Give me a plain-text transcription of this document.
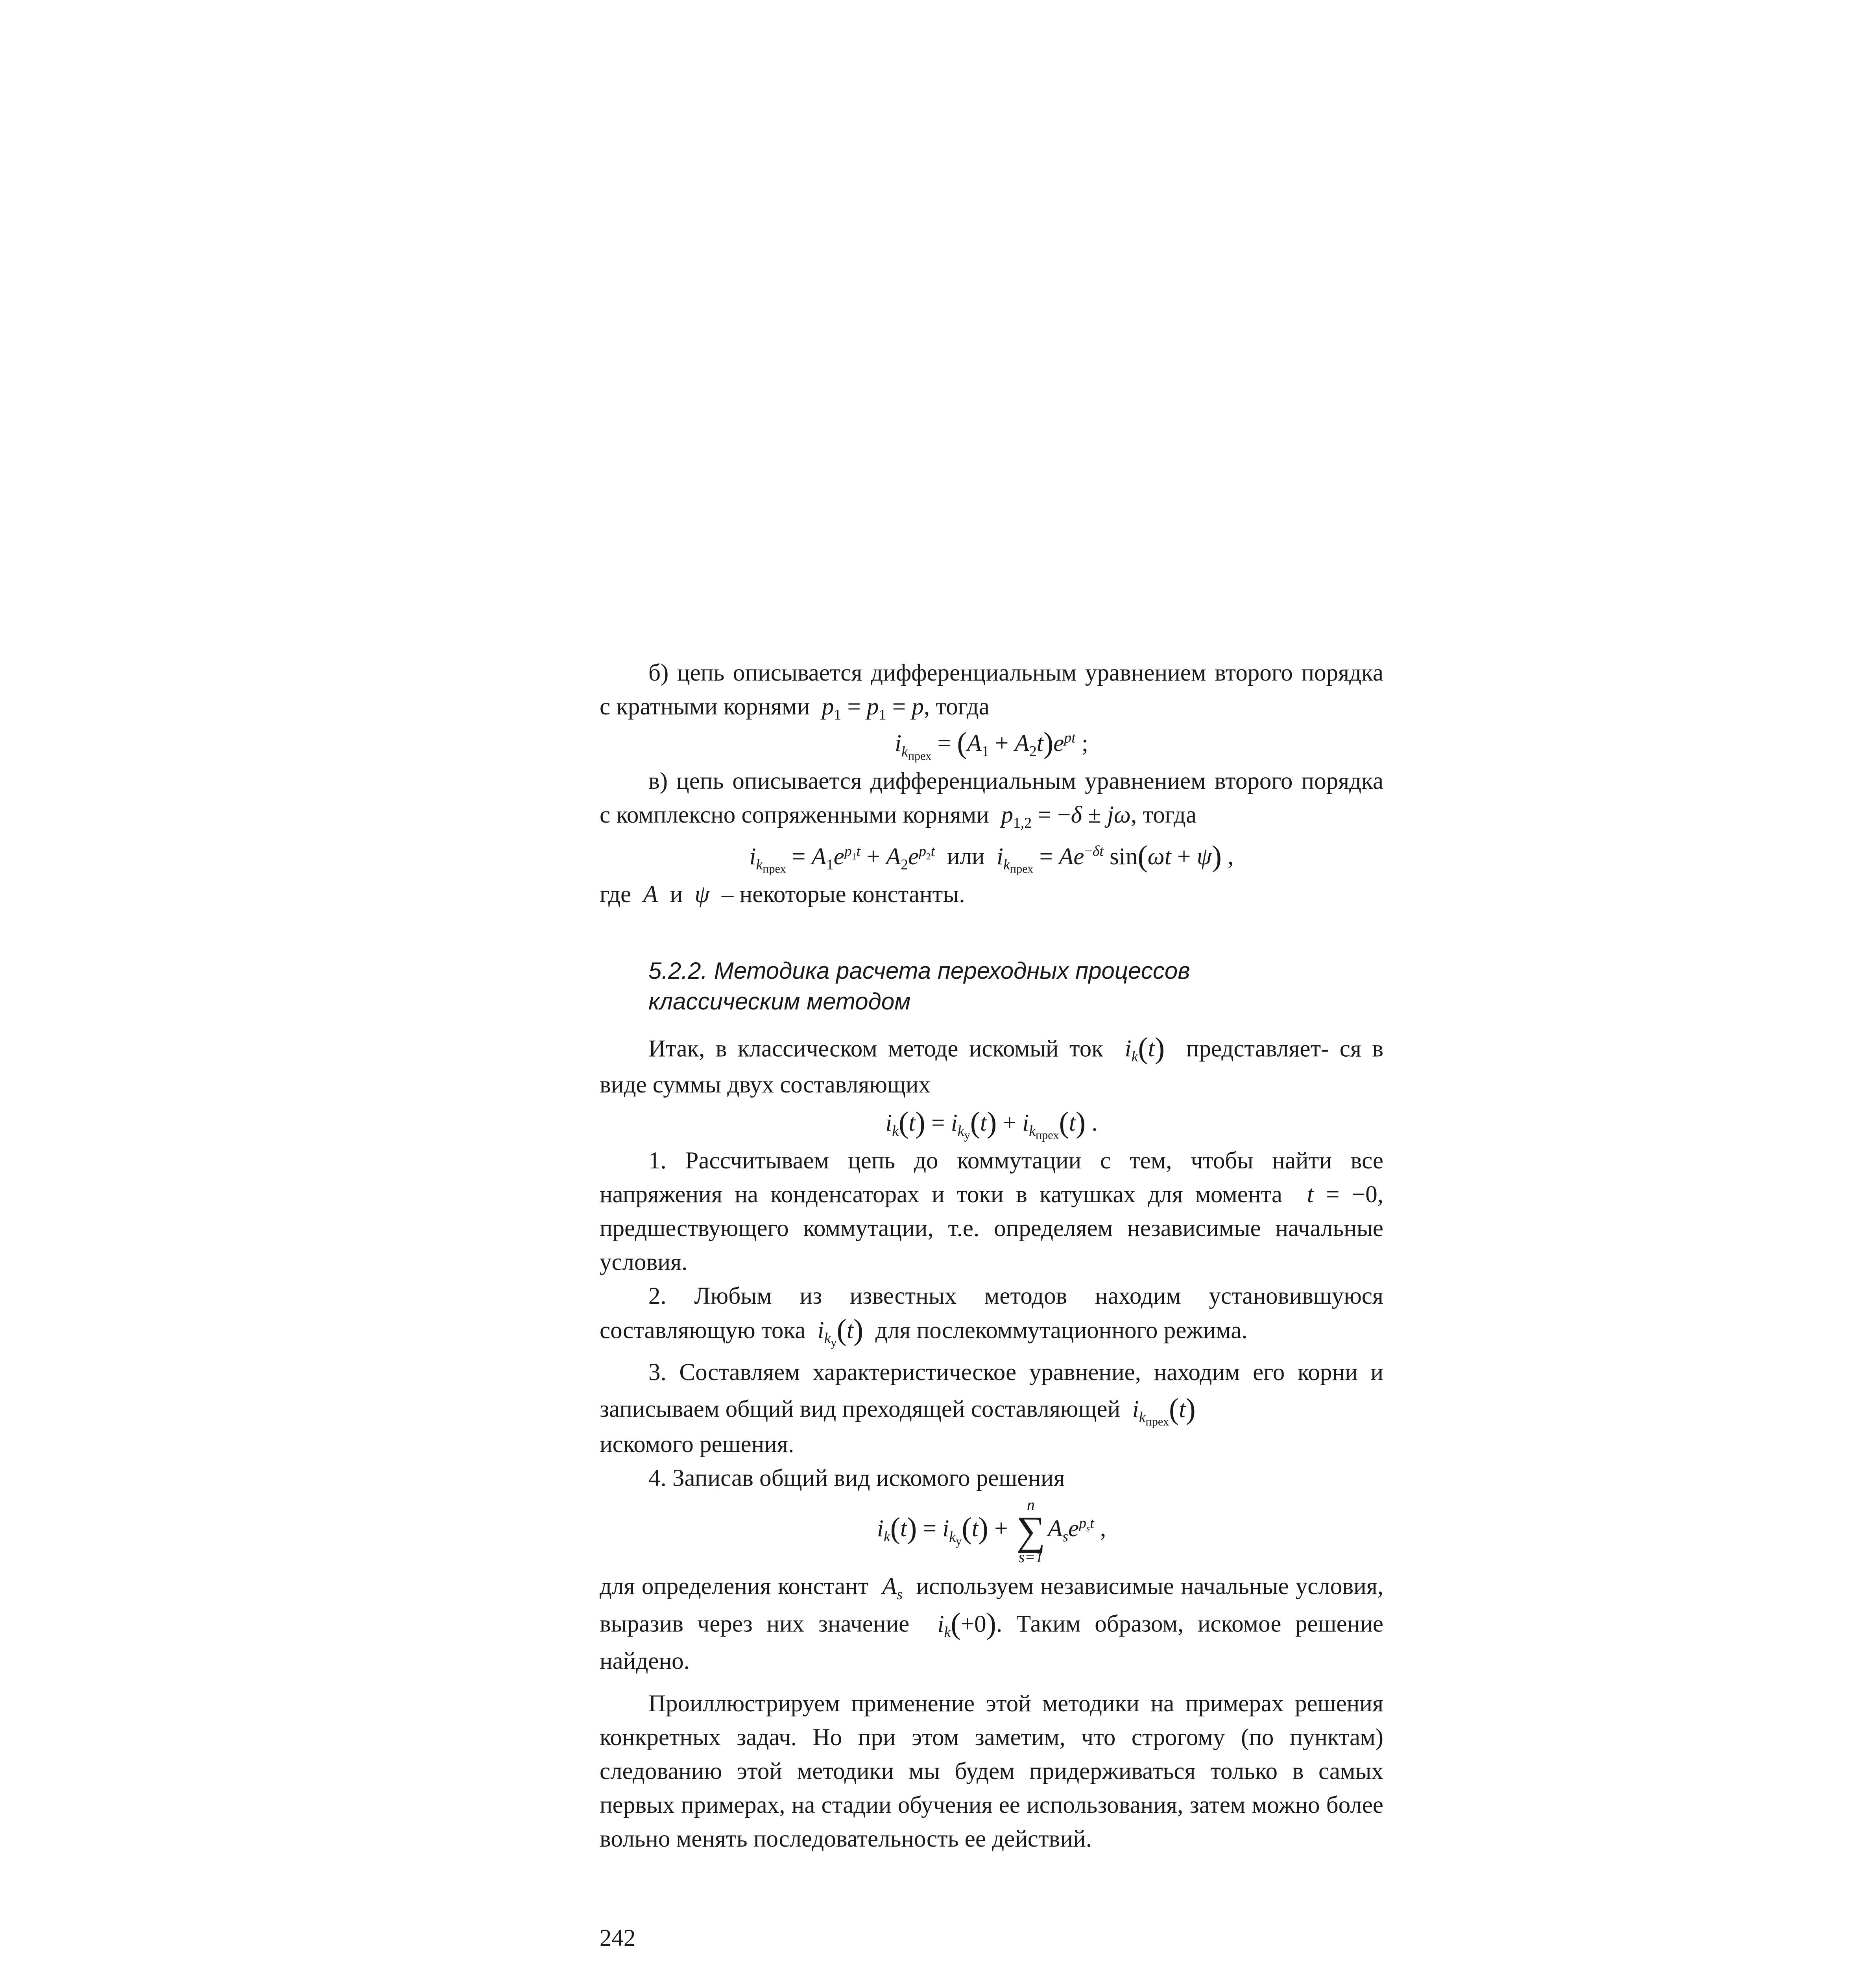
б) цепь описывается дифференциальным уравнением второго порядка с кратными корнями $p_1 = p_1 = p$, тогда

$i_{k_{прех}} = (A_1 + A_2t)e^{pt}$ ;

в) цепь описывается дифференциальным уравнением второго порядка с комплексно сопряженными корнями $p_{1,2} = -\delta \pm j\omega$, тогда

$i_{k_{прех}} = A_1e^{p_1t} + A_2e^{p_2t}$ или $i_{k_{прех}} = Ae^{-\delta t}$ sin(ωt + ψ) ,

где A и ψ – некоторые константы.

5.2.2. Методика расчета переходных процессов
классическим методом

Итак, в классическом методе искомый ток $i_k(t)$ представляет- ся в виде суммы двух составляющих

$i_k(t) = i_{k_у}(t) + i_{k_{прех}}(t)$ .

1. Рассчитываем цепь до коммутации с тем, чтобы найти все напряжения на конденсаторах и токи в катушках для момента t = −0, предшествующего коммутации, т.е. определяем независимые начальные условия.

2. Любым из известных методов находим установившуюся составляющую тока $i_{k_у}(t)$ для послекоммутационного режима.

3. Составляем характеристическое уравнение, находим его корни и записываем общий вид преходящей составляющей $i_{k_{прех}}(t)$

искомого решения.

4. Записав общий вид искомого решения

$i_k(t) = i_{k_у}(t)$ +
n
∑
s=1
$A_se^{p_st}$ ,

для определения констант $A_s$ используем независимые начальные условия, выразив через них значение $i_k(+0)$. Таким образом, искомое решение найдено.

Проиллюстрируем применение этой методики на примерах решения конкретных задач. Но при этом заметим, что строгому (по пунктам) следованию этой методики мы будем придерживаться только в самых первых примерах, на стадии обучения ее использования, затем можно более вольно менять последовательность ее действий.

242
